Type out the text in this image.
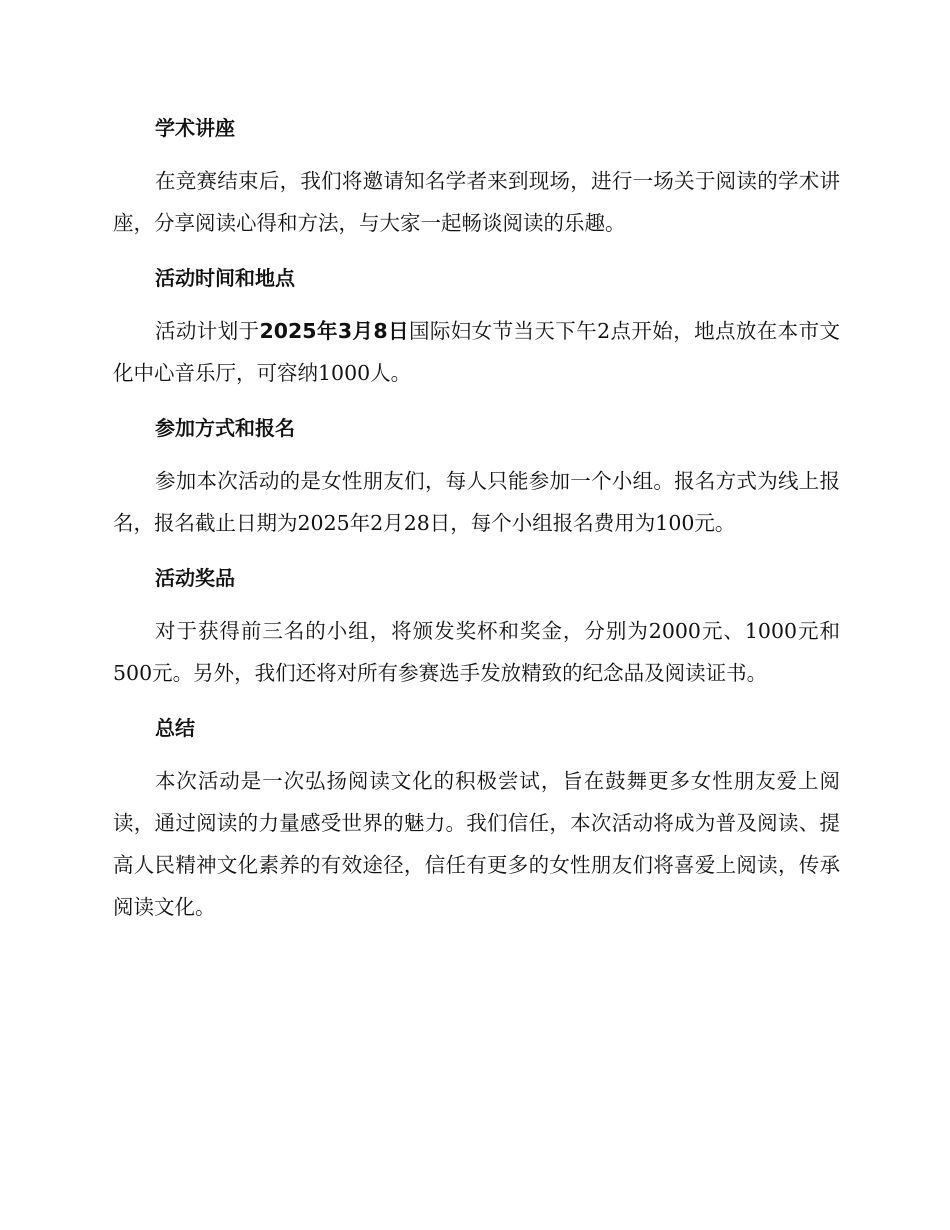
学术讲座

在竞赛结束后，我们将邀请知名学者来到现场，进行一场关于阅读的学术讲座，分享阅读心得和方法，与大家一起畅谈阅读的乐趣。

活动时间和地点

活动计划于2025年3月8日国际妇女节当天下午2点开始，地点放在本市文化中心音乐厅，可容纳1000人。

参加方式和报名

参加本次活动的是女性朋友们，每人只能参加一个小组。报名方式为线上报名，报名截止日期为2025年2月28日，每个小组报名费用为100元。

活动奖品

对于获得前三名的小组，将颁发奖杯和奖金，分别为2000元、1000元和500元。另外，我们还将对所有参赛选手发放精致的纪念品及阅读证书。

总结

本次活动是一次弘扬阅读文化的积极尝试，旨在鼓舞更多女性朋友爱上阅读，通过阅读的力量感受世界的魅力。我们信任，本次活动将成为普及阅读、提高人民精神文化素养的有效途径，信任有更多的女性朋友们将喜爱上阅读，传承阅读文化。
